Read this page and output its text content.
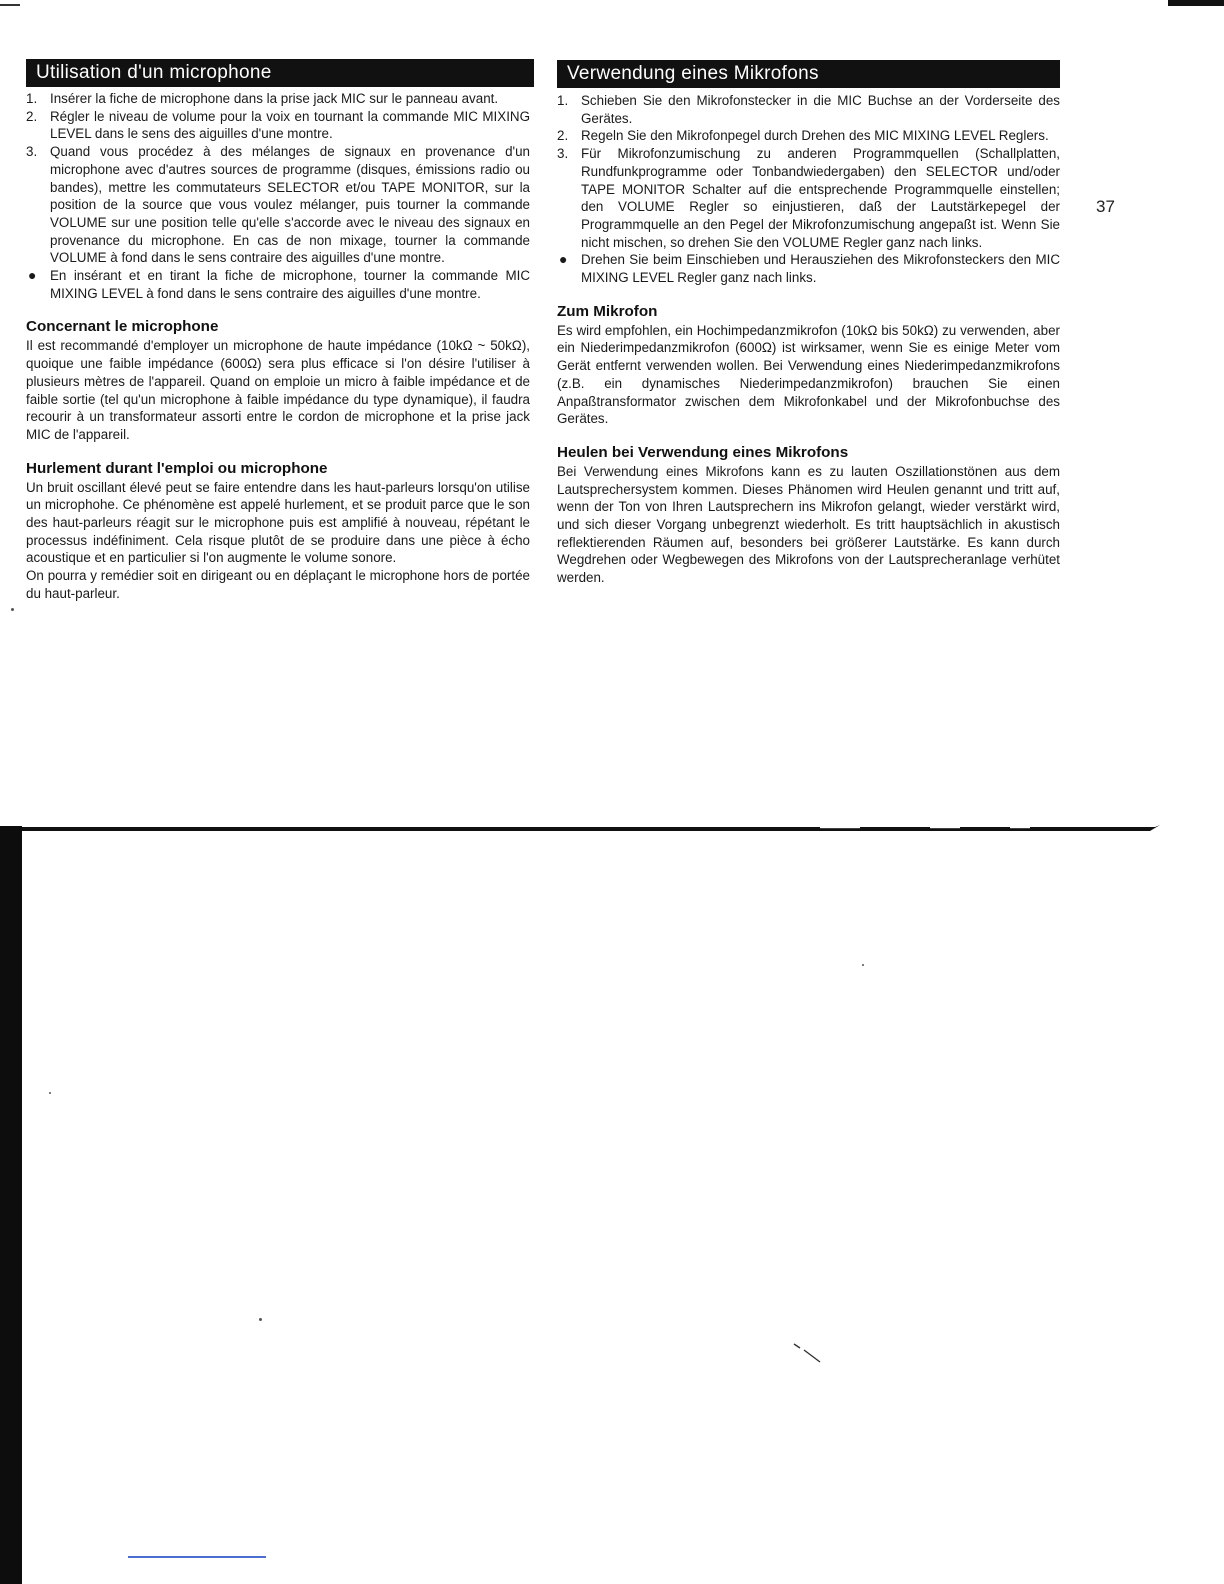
Utilisation d'un microphone
1. Insérer la fiche de microphone dans la prise jack MIC sur le panneau avant.
2. Régler le niveau de volume pour la voix en tournant la commande MIC MIXING LEVEL dans le sens des aiguilles d'une montre.
3. Quand vous procédez à des mélanges de signaux en provenance d'un microphone avec d'autres sources de programme (disques, émissions radio ou bandes), mettre les commutateurs SELECTOR et/ou TAPE MONITOR, sur la position de la source que vous voulez mélanger, puis tourner la commande VOLUME sur une position telle qu'elle s'accorde avec le niveau des signaux en provenance du microphone. En cas de non mixage, tourner la commande VOLUME à fond dans le sens contraire des aiguilles d'une montre.
●	En insérant et en tirant la fiche de microphone, tourner la commande MIC MIXING LEVEL à fond dans le sens contraire des aiguilles d'une montre.
Concernant le microphone

Il est recommandé d'employer un microphone de haute impédance (10kΩ ~ 50kΩ), quoique une faible impédance (600Ω) sera plus efficace si l'on désire l'utiliser à plusieurs mètres de l'appareil. Quand on emploie un micro à faible impédance et de faible sortie (tel qu'un microphone à faible impédance du type dynamique), il faudra recourir à un transformateur assorti entre le cordon de microphone et la prise jack MIC de l'appareil.

Hurlement durant l'emploi ou microphone

Un bruit oscillant élevé peut se faire entendre dans les haut-parleurs lorsqu'on utilise un microphohe. Ce phénomène est appelé hurlement, et se produit parce que le son des haut-parleurs réagit sur le microphone puis est amplifié à nouveau, répétant le processus indéfiniment. Cela risque plutôt de se produire dans une pièce à écho acoustique et en particulier si l'on augmente le volume sonore.

On pourra y remédier soit en dirigeant ou en déplaçant le microphone hors de portée du haut-parleur.

Verwendung eines Mikrofons
1. Schieben Sie den Mikrofonstecker in die MIC Buchse an der Vorderseite des Gerätes.
2. Regeln Sie den Mikrofonpegel durch Drehen des MIC MIXING LEVEL Reglers.
3. Für Mikrofonzumischung zu anderen Programmquellen (Schallplatten, Rundfunkprogramme oder Tonbandwiedergaben) den SELECTOR und/oder TAPE MONITOR Schalter auf die entsprechende Programmquelle einstellen; den VOLUME Regler so einjustieren, daß der Lautstärkepegel der Programmquelle an den Pegel der Mikrofonzumischung angepaßt ist. Wenn Sie nicht mischen, so drehen Sie den VOLUME Regler ganz nach links.
●	Drehen Sie beim Einschieben und Herausziehen des Mikrofonsteckers den MIC MIXING LEVEL Regler ganz nach links.
Zum Mikrofon

Es wird empfohlen, ein Hochimpedanzmikrofon (10kΩ bis 50kΩ) zu verwenden, aber ein Niederimpedanzmikrofon (600Ω) ist wirksamer, wenn Sie es einige Meter vom Gerät entfernt verwenden wollen. Bei Verwendung eines Niederimpedanzmikrofons (z.B. ein dynamisches Niederimpedanzmikrofon) brauchen Sie einen Anpaßtransformator zwischen dem Mikrofonkabel und der Mikrofonbuchse des Gerätes.

Heulen bei Verwendung eines Mikrofons

Bei Verwendung eines Mikrofons kann es zu lauten Oszillationstönen aus dem Lautsprechersystem kommen. Dieses Phänomen wird Heulen genannt und tritt auf, wenn der Ton von Ihren Lautsprechern ins Mikrofon gelangt, wieder verstärkt wird, und sich dieser Vorgang unbegrenzt wiederholt. Es tritt hauptsächlich in akustisch reflektierenden Räumen auf, besonders bei größerer Lautstärke. Es kann durch Wegdrehen oder Wegbewegen des Mikrofons von der Lautsprecheranlage verhütet werden.

37
